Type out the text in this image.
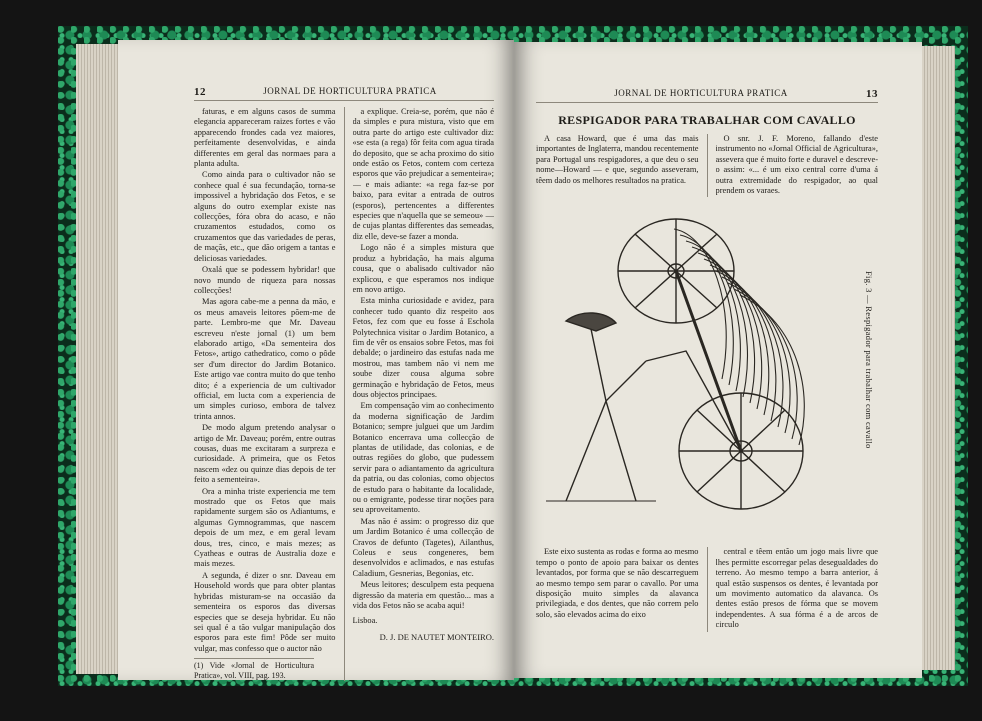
12	JORNAL DE HORTICULTURA PRATICA

faturas, e em alguns casos de summa elegancia appareceram raizes fortes e vão apparecendo frondes cada vez maiores, perfeitamente desenvolvidas, e ainda differentes em geral das normaes para a planta adulta.

Como ainda para o cultivador não se conhece qual é sua fecundação, torna-se impossivel a hybridação dos Fetos, e se alguns do outro exemplar existe nas collecções, fóra obra do acaso, e não cruzamentos estudados, como os cruzamentos que das variedades de peras, de maçãs, etc., que dão origem a tantas e deliciosas variedades.

Oxalá que se podessem hybridar! que novo mundo de riqueza para nossas collecções!

Mas agora cabe-me a penna da mão, e os meus amaveis leitores põem-me de parte. Lembro-me que Mr. Daveau escreveu n'este jornal (1) um bem elaborado artigo, «Da sementeira dos Fetos», artigo cathedratico, como o pôde ser d'um director do Jardim Botanico. Este artigo vae contra muito do que tenho dito; é a experiencia de um cultivador official, em lucta com a experiencia de um simples curioso, embora de talvez trinta annos.

De modo algum pretendo analysar o artigo de Mr. Daveau; porém, entre outras cousas, duas me excitaram a surpreza e curiosidade. A primeira, que os Fetos nascem «dez ou quinze dias depois de ter feito a sementeira».

Ora a minha triste experiencia me tem mostrado que os Fetos que mais rapidamente surgem são os Adiantums, e algumas Gymnogrammas, que nascem depois de um mez, e em geral levam dous, tres, cinco, e mais mezes; as Cyatheas e outras de Australia doze e mais mezes.

A segunda, é dizer o snr. Daveau em Household words que para obter plantas hybridas misturam-se na occasião da sementeira os esporos das diversas especies que se deseja hybridar. Eu não sei qual é a tão vulgar manipulação dos esporos para este fim! Pôde ser muito vulgar, mas confesso que o auctor não

(1) Vide «Jornal de Horticultura Pratica», vol. VIII, pag. 193.

a explique. Creia-se, porém, que não é da simples e pura mistura, visto que em outra parte do artigo este cultivador diz: «se esta (a rega) fôr feita com agua tirada do deposito, que se acha proximo do sitio onde estão os Fetos, contem com certeza esporos que vão prejudicar a sementeira»; — e mais adiante: «a rega faz-se por baixo, para evitar a entrada de outros (esporos), pertencentes a differentes especies que n'aquella que se semeou» — de cujas plantas differentes das semeadas, diz elle, deve-se fazer a monda.

Logo não é a simples mistura que produz a hybridação, ha mais alguma cousa, que o abalisado cultivador não explicou, e que esperamos nos indique em novo artigo.

Esta minha curiosidade e avidez, para conhecer tudo quanto diz respeito aos Fetos, fez com que eu fosse á Eschola Polytechnica visitar o Jardim Botanico, a fim de vêr os ensaios sobre Fetos, mas foi debalde; o jardineiro das estufas nada me mostrou, mas tambem não vi nem me soube dizer cousa alguma sobre germinação e hybridação de Fetos, meus dous objectos principaes.

Em compensação vim ao conhecimento da moderna significação de Jardim Botanico; sempre julguei que um Jardim Botanico encerrava uma collecção de plantas de utilidade, das colonias, e de outras regiões do globo, que pudessem servir para o adiantamento da agricultura da patria, ou das colonias, como objectos de estudo para o habitante da localidade, ou o emigrante, podesse tirar noções para seu aproveitamento.

Mas não é assim: o progresso diz que um Jardim Botanico é uma collecção de Cravos de defunto (Tagetes), Ailanthus, Coleus e seus congeneres, bem desenvolvidos e aclimados, e nas estufas Caladium, Gesnerias, Begonias, etc.

Meus leitores; desculpem esta pequena digressão da materia em questão... mas a vida dos Fetos não se acaba aqui!

Lisboa.
D. J. DE NAUTET MONTEIRO.
JORNAL DE HORTICULTURA PRATICA	13
RESPIGADOR PARA TRABALHAR COM CAVALLO

A casa Howard, que é uma das mais importantes de Inglaterra, mandou recentemente para Portugal uns respigadores, a que deu o seu nome—Howard — e que, segundo asseveram, têem dado os melhores resultados na pratica.

O snr. J. F. Moreno, fallando d'este instrumento no «Jornal Official de Agricultura», assevera que é muito forte e duravel e descreve-o assim: «... é um eixo central corre d'uma á outra extremidade do respigador, ao qual prendem os varaes.

Fig. 3 — Respigador para trabalhar com cavallo

Este eixo sustenta as rodas e forma ao mesmo tempo o ponto de apoio para baixar os dentes levantados, por forma que se não descarreguem ao mesmo tempo sem parar o cavallo. Por uma disposição muito simples da alavanca privilegiada, e dos dentes, que não correm pelo solo, são elevados acima do eixo

central e têem então um jogo mais livre que lhes permitte escorregar pelas desegualdades do terreno. Ao mesmo tempo a barra anterior, á qual estão suspensos os dentes, é levantada por um movimento automatico da alavanca. Os dentes estão presos de fórma que se movem independentes. A sua fórma é a de arcos de circulo
